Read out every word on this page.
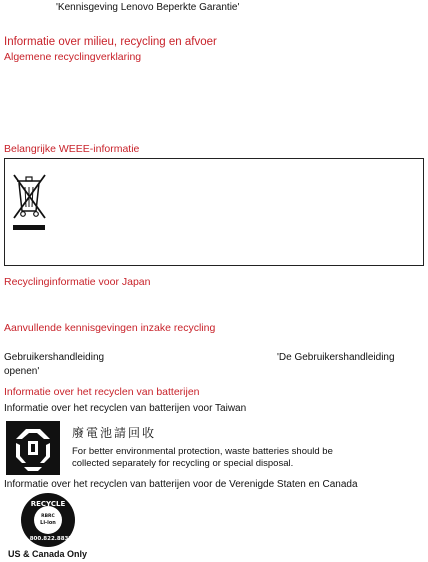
'Kennisgeving Lenovo Beperkte Garantie'
Informatie over milieu, recycling en afvoer
Algemene recyclingverklaring
Belangrijke WEEE-informatie
Recyclinginformatie voor Japan
Aanvullende kennisgevingen inzake recycling
Gebruikershandleiding	'De Gebruikershandleiding
openen'
Informatie over het recyclen van batterijen
Informatie over het recyclen van batterijen voor Taiwan
廢電池請回收
For better environmental protection, waste batteries should be
collected separately for recycling or special disposal.
Informatie over het recyclen van batterijen voor de Verenigde Staten en Canada
RECYCLE
RBRC
Li-ion
1.800.822.8837
US & Canada Only
